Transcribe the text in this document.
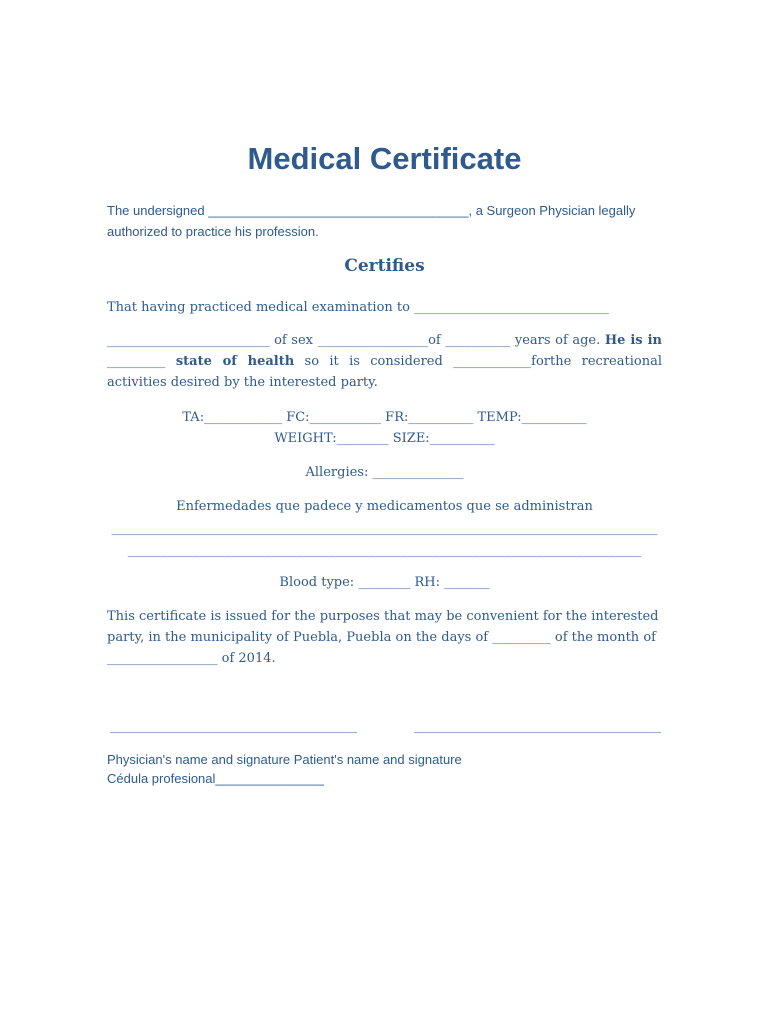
Medical Certificate

The undersigned ____________________________________, a Surgeon Physician legally
authorized to practice his profession.

Certifies

That having practiced medical examination to ______________________________

_________________________ of sex _________________of __________ years of age. He is in _________ state of health so it is considered ____________forthe recreational activities desired by the interested party.

TA:____________ FC:___________ FR:__________ TEMP:__________

WEIGHT:________ SIZE:__________

Allergies: ______________

Enfermedades que padece y medicamentos que se administran

____________________________________________________________________________________

_______________________________________________________________________________

Blood type: ________ RH: _______

This certificate is issued for the purposes that may be convenient for the interested party, in the municipality of Puebla, Puebla on the days of _________ of the month of _________________ of 2014.

______________________________________	______________________________________

Physician's name and signature Patient's name and signature
Cédula profesional_______________
